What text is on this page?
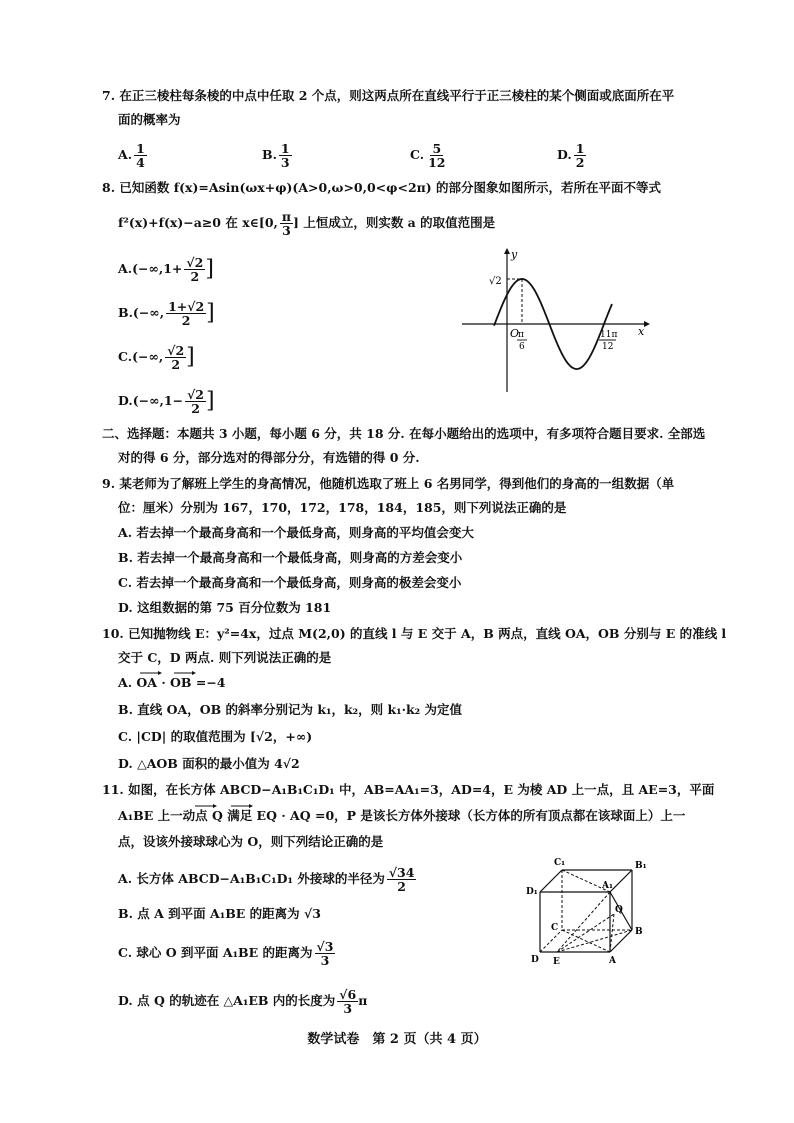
7. 在正三棱柱每条棱的中点中任取 2 个点，则这两点所在直线平行于正三棱柱的某个侧面或底面所在平
面的概率为
A. $\frac{1}{4}$	B. $\frac{1}{3}$	C. $\frac{5}{12}$	D. $\frac{1}{2}$
8. 已知函数 f(x)=Asin(ωx+φ)(A>0,ω>0,0<φ<2π) 的部分图象如图所示，若所在平面不等式
f²(x)+f(x)−a≥0 在 x∈[0, $\frac{\pi}{3}$ ] 上恒成立，则实数 a 的取值范围是
$A.(-\infty,1+ \frac{√2}{2}$ ]
B.(−∞, $\frac{1+√2}{2}$ ]
C.(−∞, $\frac{√2}{2}$ ]
$D.(-\infty,1- \frac{√2}{2}$ ]
y
x
O
√2
π
6
11π
12
二、选择题：本题共 3 小题，每小题 6 分，共 18 分. 在每小题给出的选项中，有多项符合题目要求. 全部选
对的得 6 分，部分选对的得部分分，有选错的得 0 分.
9. 某老师为了解班上学生的身高情况，他随机选取了班上 6 名男同学，得到他们的身高的一组数据（单
位：厘米）分别为 167，170，172，178，184，185，则下列说法正确的是
A. 若去掉一个最高身高和一个最低身高，则身高的平均值会变大
B. 若去掉一个最高身高和一个最低身高，则身高的方差会变小
C. 若去掉一个最高身高和一个最低身高，则身高的极差会变小
D. 这组数据的第 75 百分位数为 181
10. 已知抛物线 E：y²=4x，过点 M(2,0) 的直线 l 与 E 交于 A，B 两点，直线 OA，OB 分别与 E 的准线 l
交于 C，D 两点. 则下列说法正确的是
A. OA · OB =−4
B. 直线 OA，OB 的斜率分别记为 k₁，k₂，则 k₁·k₂ 为定值
C. |CD| 的取值范围为 [√2，+∞)
D. △AOB 面积的最小值为 4√2
11. 如图，在长方体 ABCD−A₁B₁C₁D₁ 中，AB=AA₁=3，AD=4，E 为棱 AD 上一点，且 AE=3，平面
A₁BE 上一动点 Q 满足 EQ · AQ =0，P 是该长方体外接球（长方体的所有顶点都在该球面上）上一
点，设该外接球球心为 O，则下列结论正确的是
A. 长方体 ABCD−A₁B₁C₁D₁ 外接球的半径为 $\frac{√34}{2}$
B. 点 A 到平面 A₁BE 的距离为 √3
C. 球心 O 到平面 A₁BE 的距离为 $\frac{√3}{3}$
D. 点 Q 的轨迹在 △A₁EB 内的长度为 $\frac{√6}{3}$ π
C₁	B₁
D₁
A₁
Q
C	B
D E	A
数学试卷　第 2 页（共 4 页）
